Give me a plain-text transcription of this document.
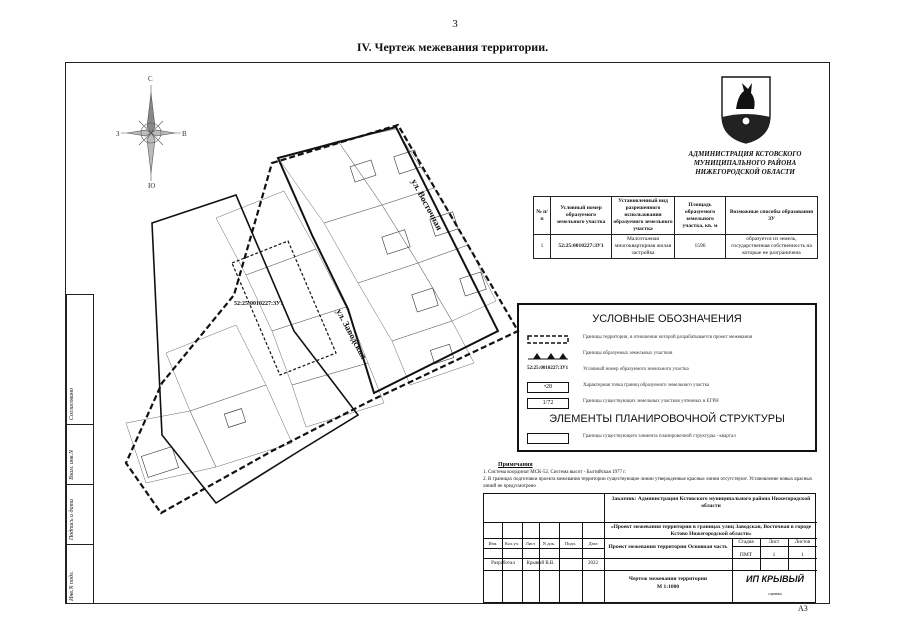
3
IV. Чертеж межевания территории.
С
Ю
З	В
ул. Восточная
ул. Заводская
52:25:0010227:ЗУ1
Согласовано
Взам. инв.N
Подпись и дата
Инв.N подл.
АДМИНИСТРАЦИЯ КСТОВСКОГО
МУНИЦИПАЛЬНОГО РАЙОНА
НИЖЕГОРОДСКОЙ ОБЛАСТИ
№ п/п	Условный номер образуемого земельного участка	Установленный вид разрешенного использования образуемого земельного участка	Площадь образуемого земельного участка, кв. м	Возможные способы образования ЗУ
1	52:25:0010227:ЗУ1	Малоэтажная многоквартирная жилая застройка	1596	образуется из земель, государственная собственность на которые не разграничена
УСЛОВНЫЕ ОБОЗНАЧЕНИЯ
Границы территории, в отношении которой разрабатывается проект межевания
Границы образуемых земельных участков
52:25:0010227:ЗУ1	Условный номер образуемого земельного участка
•28	Характерная точка границ образуемого земельного участка
1/72	Границы существующих земельных участков учтенных в ЕГРН
ЭЛЕМЕНТЫ ПЛАНИРОВОЧНОЙ СТРУКТУРЫ
Границы существующего элемента планировочной структуры - квартал
Примечания
1. Система координат МСК-52. Система высот - Балтийская 1977 г.
2. В границах подготовки проекта межевания территории существующие линии утвержденные красные линии отсутствуют. Установление новых красных линий не предусмотрено
Заказчик: Администрация Кстовского муниципального района Нижегородской области
«Проект межевания территории в границах улиц Заводская, Восточная в городе Кстово Нижегородской области»
Изм.	Кол.уч.	Лист	N док.	Подп.	Дата
Разработал	Крывый В.В.	2022
Проект межевания территории Основная часть
Стадия	Лист	Листов
ПМТ	1	1
Чертеж межевания территории
М 1:1000
ИП КРЫВЫЙ
оценка
А3
